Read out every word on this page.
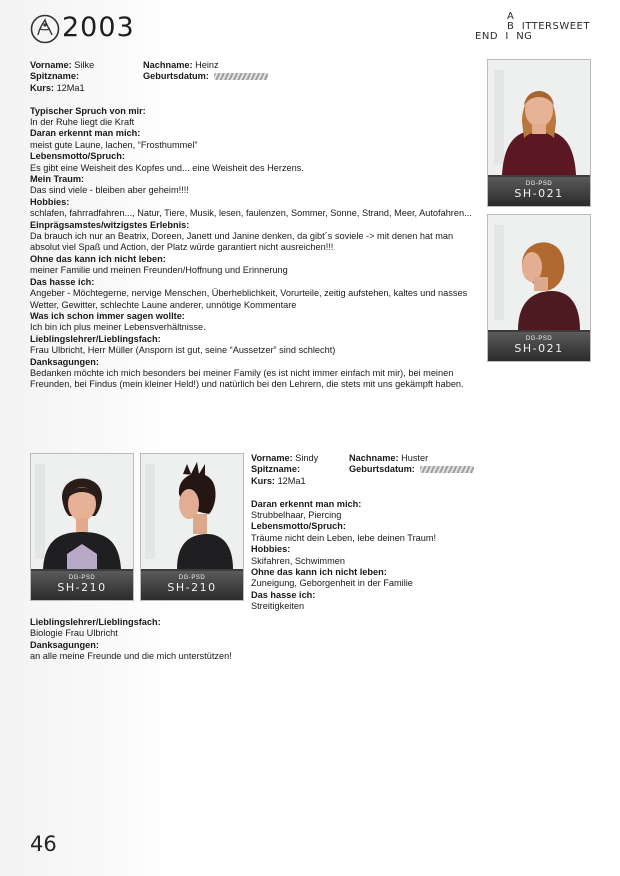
2003	A
B  ITTERSWEET
END  I  NG
Vorname: Silke	Nachname: Heinz
Spitzname:	Geburtsdatum:
Kurs: 12Ma1
Typischer Spruch von mir:
In der Ruhe liegt die Kraft
Daran erkennt man mich:
meist gute Laune, lachen, “Frosthummel”
Lebensmotto/Spruch:
Es gibt eine Weisheit des Kopfes und... eine Weisheit des Herzens.
Mein Traum:
Das sind viele - bleiben aber geheim!!!!
Hobbies:
schlafen, fahrradfahren..., Natur, Tiere, Musik, lesen, faulenzen, Sommer, Sonne, Strand, Meer, Autofahren...
Einprägsamstes/witzigstes Erlebnis:
Da brauch ich nur an Beatrix, Doreen, Janett und Janine denken, da gibt´s soviele -> mit denen hat man absolut viel Spaß und Action, der Platz würde garantiert nicht ausreichen!!!
Ohne das kann ich nicht leben:
meiner Familie und meinen Freunden/Hoffnung und Erinnerung
Das hasse ich:
Angeber - Möchtegerne, nervige Menschen, Überheblichkeit, Vorurteile, zeitig aufstehen, kaltes und nasses Wetter, Gewitter, schlechte Laune anderer, unnötige Kommentare
Was ich schon immer sagen wollte:
Ich bin ich plus meiner Lebensverhältnisse.
Lieblingslehrer/Lieblingsfach:
Frau Ulbricht, Herr Müller (Ansporn ist gut, seine “Aussetzer” sind schlecht)
Danksagungen:
Bedanken möchte ich mich besonders bei meiner Family (es ist nicht immer einfach mit mir), bei meinen Freunden, bei Findus (mein kleiner Held!) und natürlich bei den Lehrern, die stets mit uns gekämpft haben.
DG-PSD
SH-021
DG-PSD
SH-021
DG-PSD
SH-210
DG-PSD
SH-210
Vorname: Sindy	Nachname: Huster
Spitzname:	Geburtsdatum:
Kurs: 12Ma1
Daran erkennt man mich:
Strubbelhaar, Piercing
Lebensmotto/Spruch:
Träume nicht dein Leben, lebe deinen Traum!
Hobbies:
Skifahren, Schwimmen
Ohne das kann ich nicht leben:
Zuneigung, Geborgenheit in der Familie
Das hasse ich:
Streitigkeiten
Lieblingslehrer/Lieblingsfach:
Biologie Frau Ulbricht
Danksagungen:
an alle meine Freunde und die mich unterstützen!
46
